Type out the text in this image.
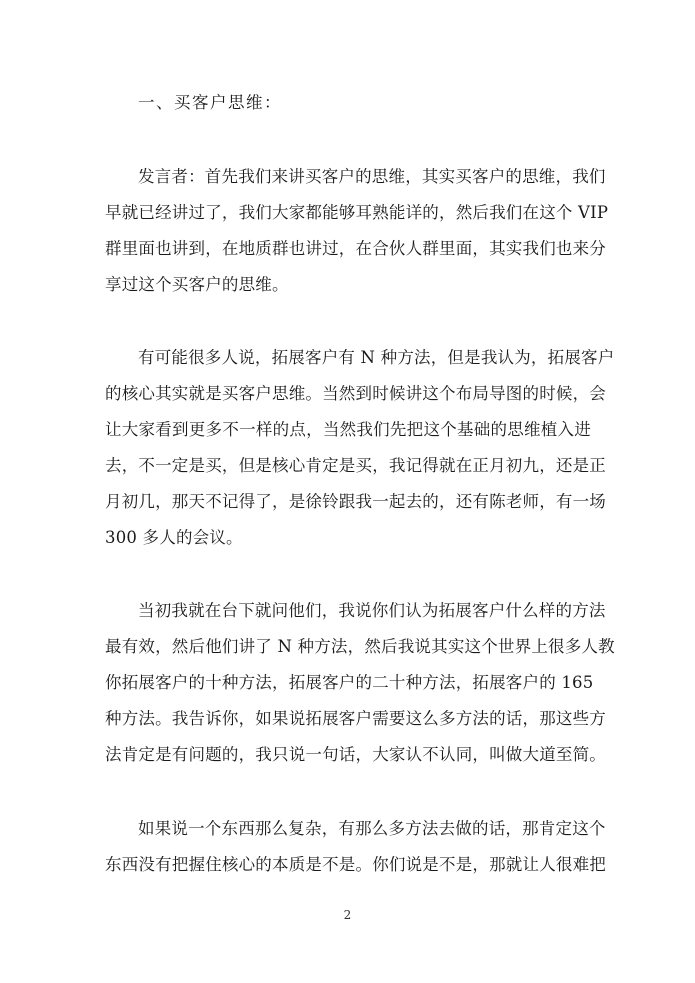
一、买客户思维：
发言者：首先我们来讲买客户的思维，其实买客户的思维，我们
早就已经讲过了，我们大家都能够耳熟能详的，然后我们在这个 VIP
群里面也讲到，在地质群也讲过，在合伙人群里面，其实我们也来分
享过这个买客户的思维。
有可能很多人说，拓展客户有 N 种方法，但是我认为，拓展客户
的核心其实就是买客户思维。当然到时候讲这个布局导图的时候，会
让大家看到更多不一样的点，当然我们先把这个基础的思维植入进
去，不一定是买，但是核心肯定是买，我记得就在正月初九，还是正
月初几，那天不记得了，是徐铃跟我一起去的，还有陈老师，有一场
300 多人的会议。
当初我就在台下就问他们，我说你们认为拓展客户什么样的方法
最有效，然后他们讲了 N 种方法，然后我说其实这个世界上很多人教
你拓展客户的十种方法，拓展客户的二十种方法，拓展客户的 165
种方法。我告诉你，如果说拓展客户需要这么多方法的话，那这些方
法肯定是有问题的，我只说一句话，大家认不认同，叫做大道至简。
如果说一个东西那么复杂，有那么多方法去做的话，那肯定这个
东西没有把握住核心的本质是不是。你们说是不是，那就让人很难把
2
